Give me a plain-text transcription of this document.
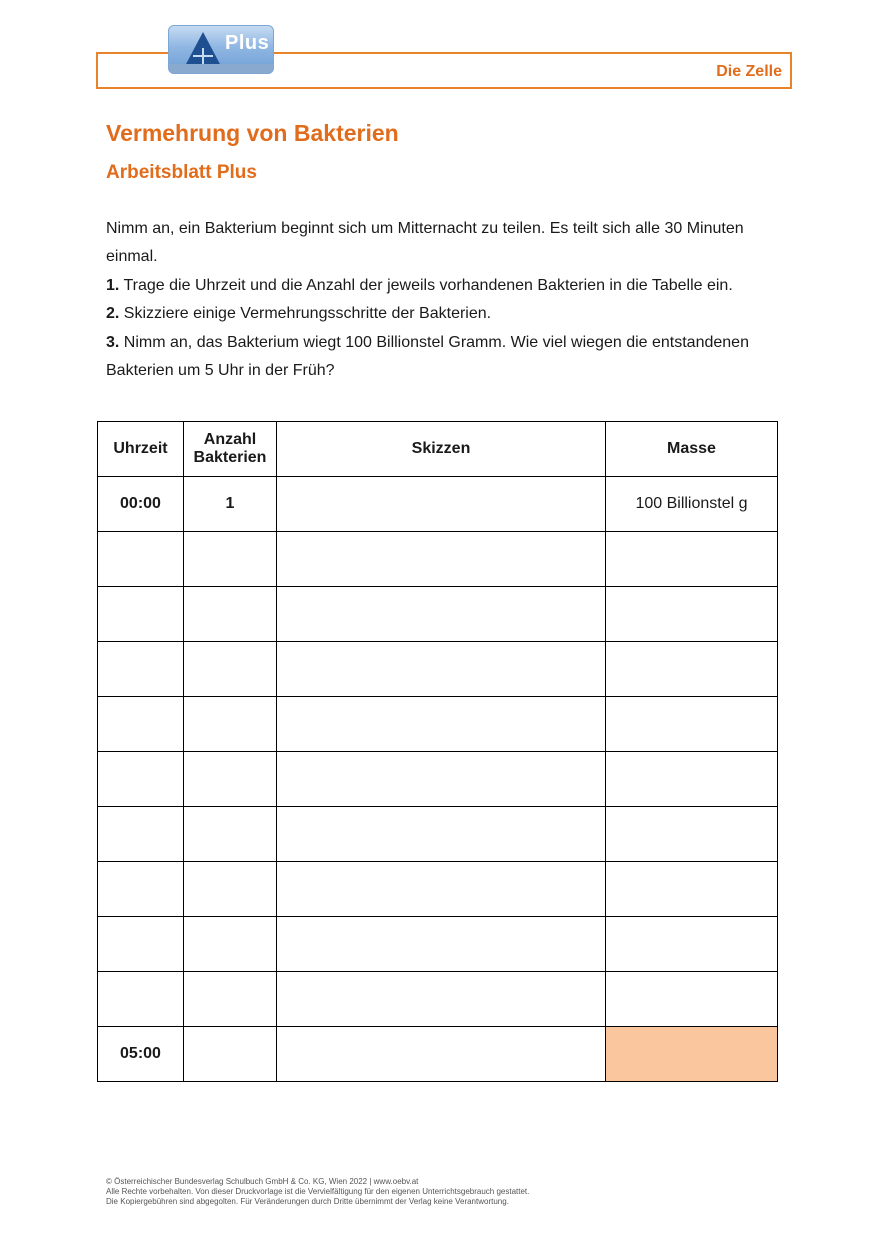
Die Zelle
Plus
Vermehrung von Bakterien
Arbeitsblatt Plus

Nimm an, ein Bakterium beginnt sich um Mitternacht zu teilen. Es teilt sich alle 30 Minuten einmal.

1. Trage die Uhrzeit und die Anzahl der jeweils vorhandenen Bakterien in die Tabelle ein.

2. Skizziere einige Vermehrungsschritte der Bakterien.

3. Nimm an, das Bakterium wiegt 100 Billionstel Gramm. Wie viel wiegen die entstandenen Bakterien um 5 Uhr in der Früh?

Uhrzeit	Anzahl Bakterien	Skizzen	Masse
00:00	1		100 Billionstel g

05:00			

© Österreichischer Bundesverlag Schulbuch GmbH & Co. KG, Wien 2022 | www.oebv.at

Alle Rechte vorbehalten. Von dieser Druckvorlage ist die Vervielfältigung für den eigenen Unterrichtsgebrauch gestattet.

Die Kopiergebühren sind abgegolten. Für Veränderungen durch Dritte übernimmt der Verlag keine Verantwortung.
